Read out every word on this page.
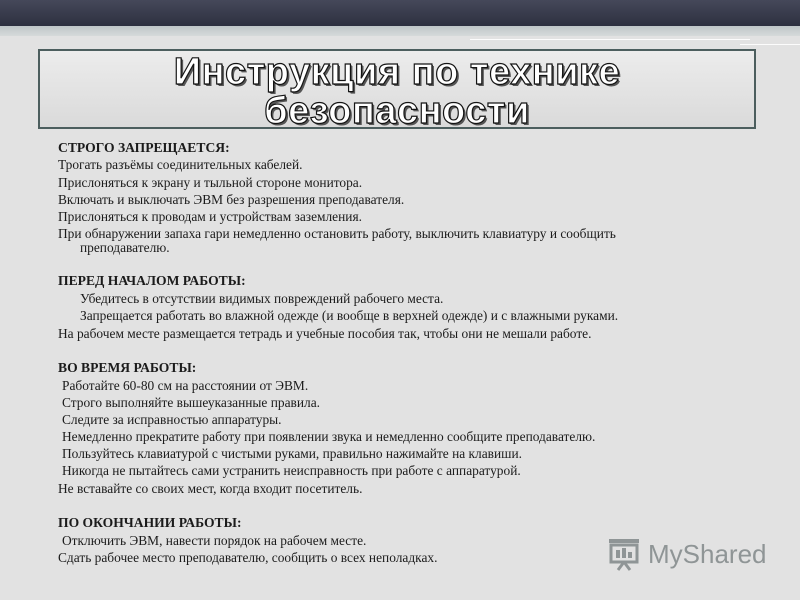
Инструкция по технике
безопасности
СТРОГО ЗАПРЕЩАЕТСЯ:
Трогать разъёмы соединительных кабелей.
Прислоняться к экрану и тыльной стороне монитора.
Включать и выключать ЭВМ без разрешения преподавателя.
Прислоняться к проводам и устройствам заземления.
При обнаружении запаха гари немедленно остановить работу, выключить клавиатуру и сообщить
преподавателю.
ПЕРЕД НАЧАЛОМ РАБОТЫ:
Убедитесь в отсутствии видимых повреждений рабочего места.
Запрещается работать во влажной одежде (и вообще в верхней одежде) и с влажными руками.
На рабочем месте размещается тетрадь и учебные пособия так, чтобы они не мешали работе.
ВО ВРЕМЯ РАБОТЫ:
Работайте 60-80 см на расстоянии от ЭВМ.
Строго выполняйте вышеуказанные правила.
Следите за исправностью аппаратуры.
Немедленно прекратите работу при появлении звука и немедленно сообщите преподавателю.
Пользуйтесь клавиатурой с чистыми руками, правильно нажимайте на клавиши.
Никогда не пытайтесь сами устранить неисправность при работе с аппаратурой.
Не вставайте со своих мест, когда входит посетитель.
ПО ОКОНЧАНИИ РАБОТЫ:
Отключить ЭВМ, навести порядок на рабочем месте.
Сдать рабочее место преподавателю, сообщить о всех неполадках.	MyShared
